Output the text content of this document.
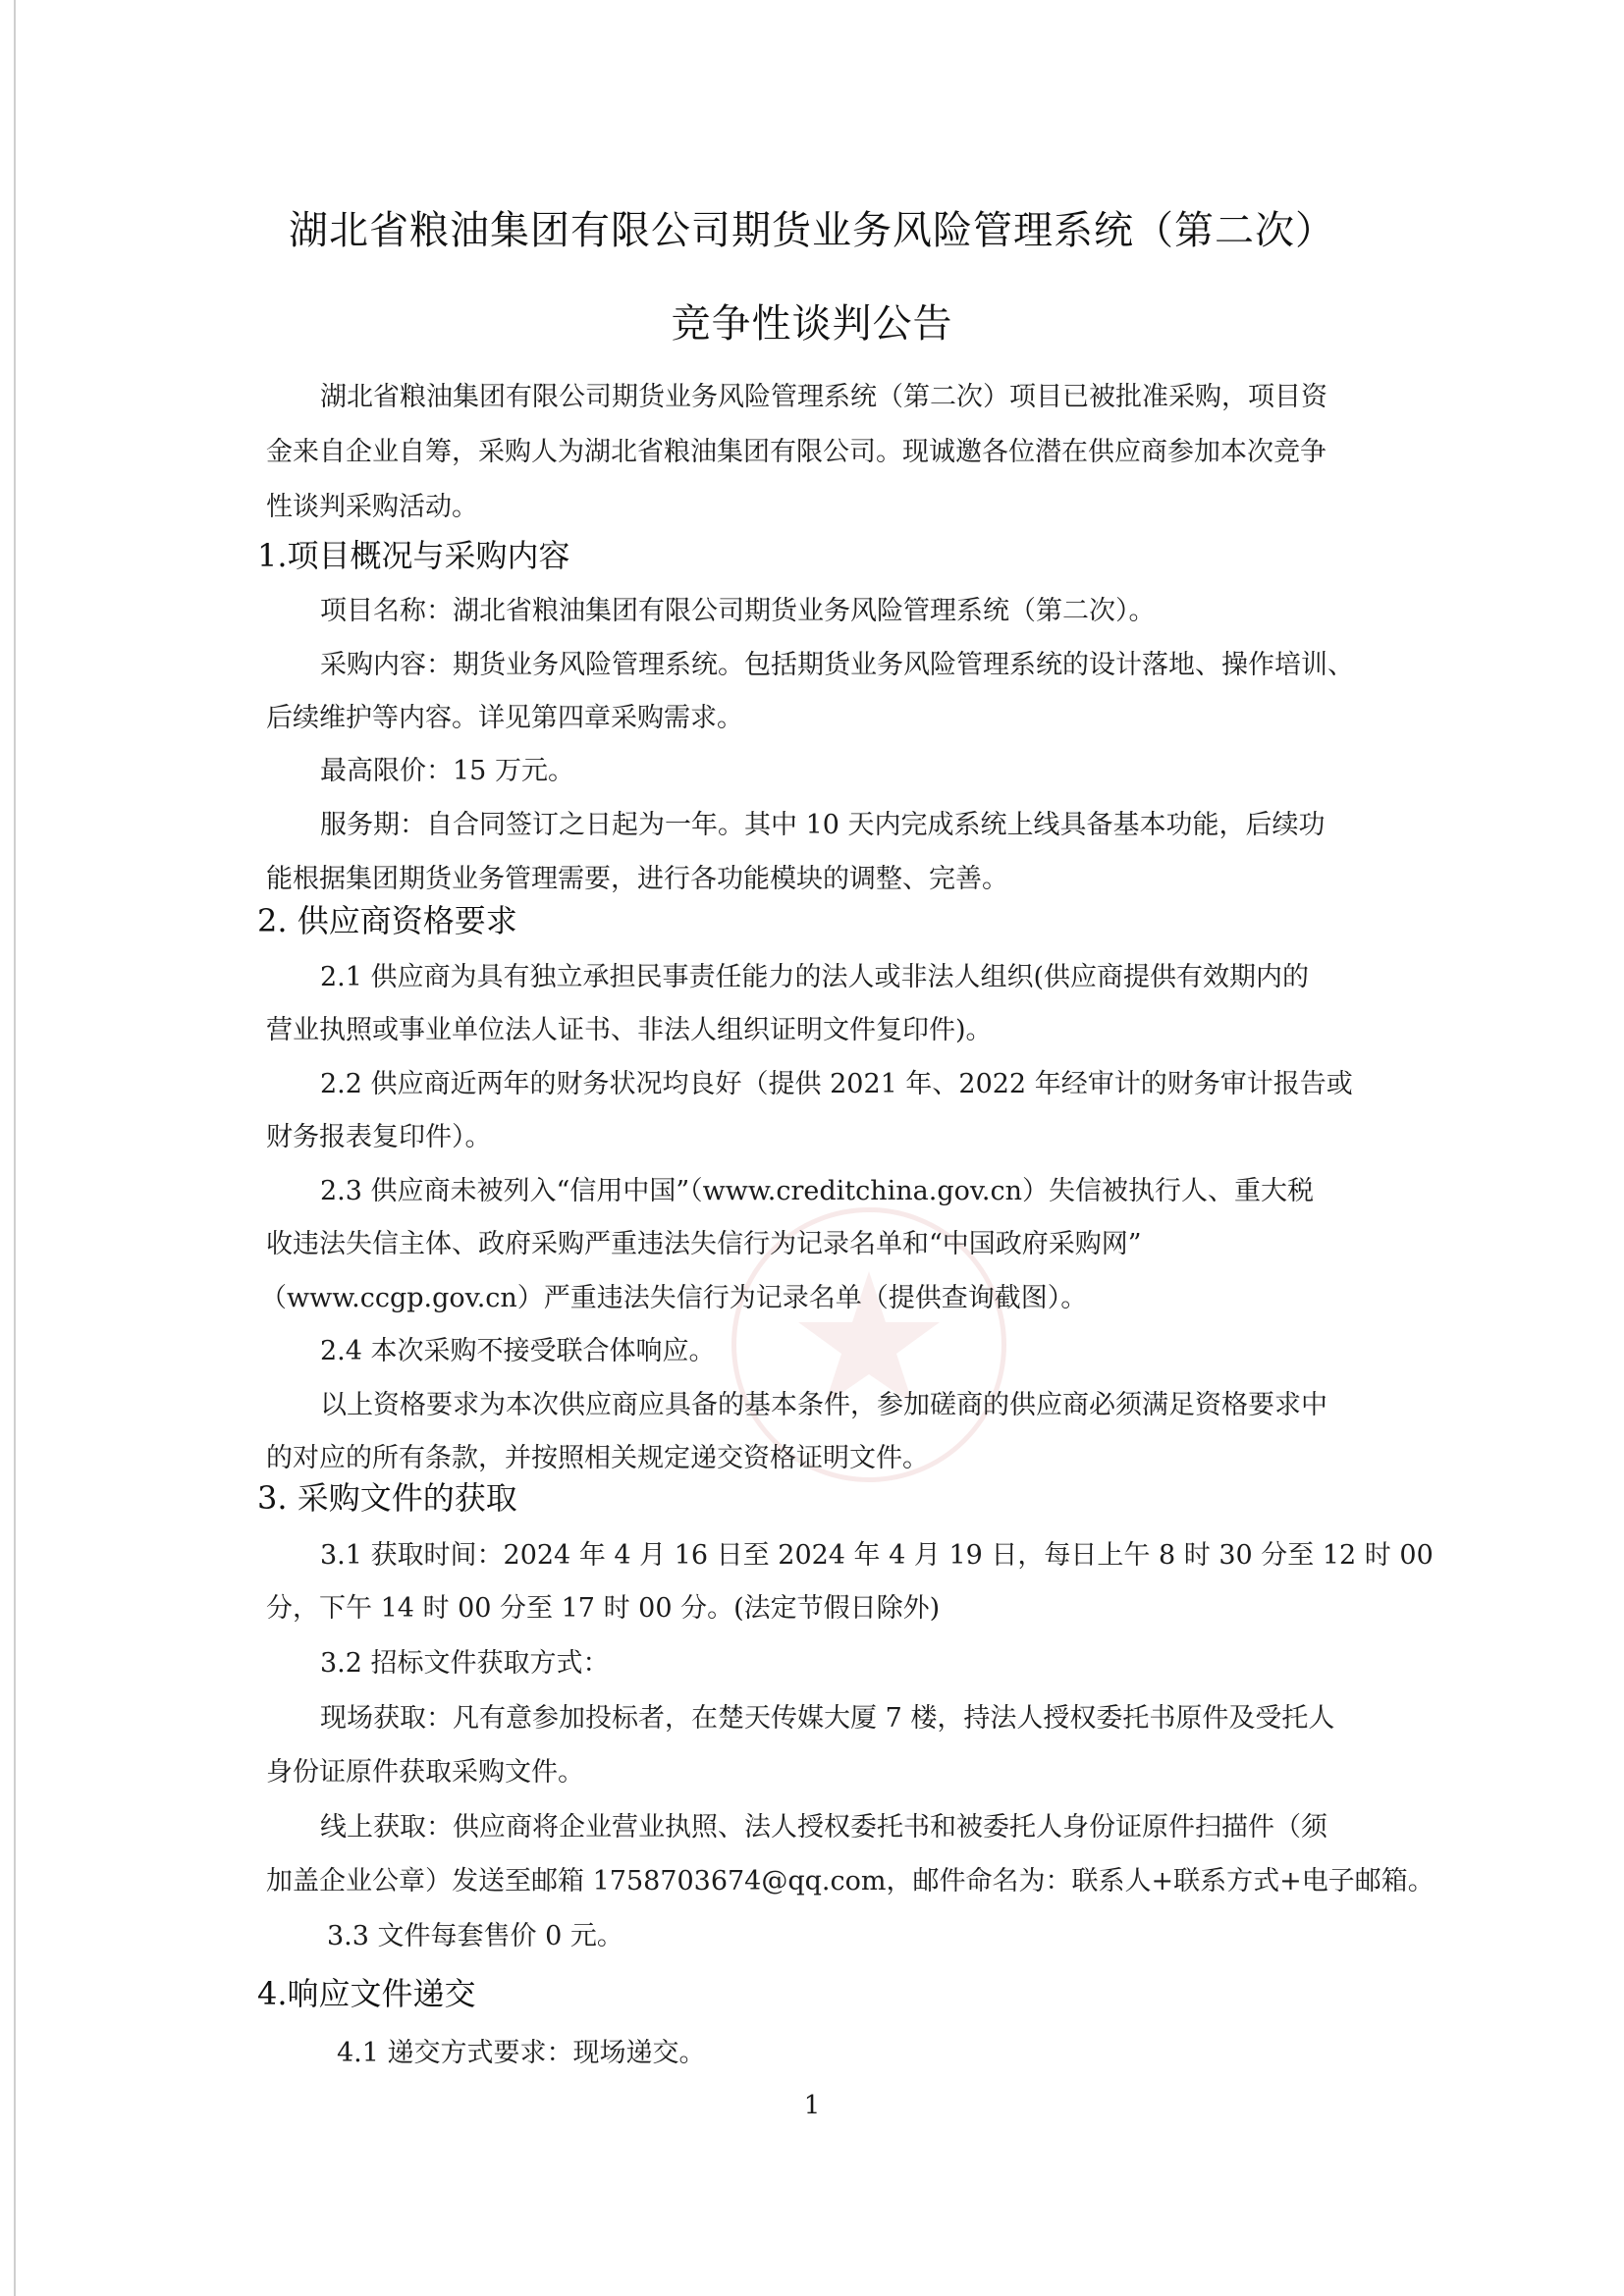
湖北省粮油集团有限公司期货业务风险管理系统（第二次）
竞争性谈判公告
湖北省粮油集团有限公司期货业务风险管理系统（第二次）项目已被批准采购，项目资
金来自企业自筹，采购人为湖北省粮油集团有限公司。现诚邀各位潜在供应商参加本次竞争
性谈判采购活动。
1.项目概况与采购内容
项目名称：湖北省粮油集团有限公司期货业务风险管理系统（第二次）。
采购内容：期货业务风险管理系统。包括期货业务风险管理系统的设计落地、操作培训、
后续维护等内容。详见第四章采购需求。
最高限价：15 万元。
服务期：自合同签订之日起为一年。其中 10 天内完成系统上线具备基本功能，后续功
能根据集团期货业务管理需要，进行各功能模块的调整、完善。
2. 供应商资格要求
2.1 供应商为具有独立承担民事责任能力的法人或非法人组织(供应商提供有效期内的
营业执照或事业单位法人证书、非法人组织证明文件复印件)。
2.2 供应商近两年的财务状况均良好（提供 2021 年、2022 年经审计的财务审计报告或
财务报表复印件）。
2.3 供应商未被列入“信用中国”（www.creditchina.gov.cn）失信被执行人、重大税
收违法失信主体、政府采购严重违法失信行为记录名单和“中国政府采购网”
（www.ccgp.gov.cn）严重违法失信行为记录名单（提供查询截图）。
2.4 本次采购不接受联合体响应。
以上资格要求为本次供应商应具备的基本条件，参加磋商的供应商必须满足资格要求中
的对应的所有条款，并按照相关规定递交资格证明文件。
3. 采购文件的获取
3.1 获取时间：2024 年 4 月 16 日至 2024 年 4 月 19 日，每日上午 8 时 30 分至 12 时 00
分，下午 14 时 00 分至 17 时 00 分。(法定节假日除外)
3.2 招标文件获取方式：
现场获取：凡有意参加投标者，在楚天传媒大厦 7 楼，持法人授权委托书原件及受托人
身份证原件获取采购文件。
线上获取：供应商将企业营业执照、法人授权委托书和被委托人身份证原件扫描件（须
加盖企业公章）发送至邮箱 1758703674@qq.com，邮件命名为：联系人+联系方式+电子邮箱。
3.3 文件每套售价 0 元。
4.响应文件递交
4.1 递交方式要求：现场递交。
1
